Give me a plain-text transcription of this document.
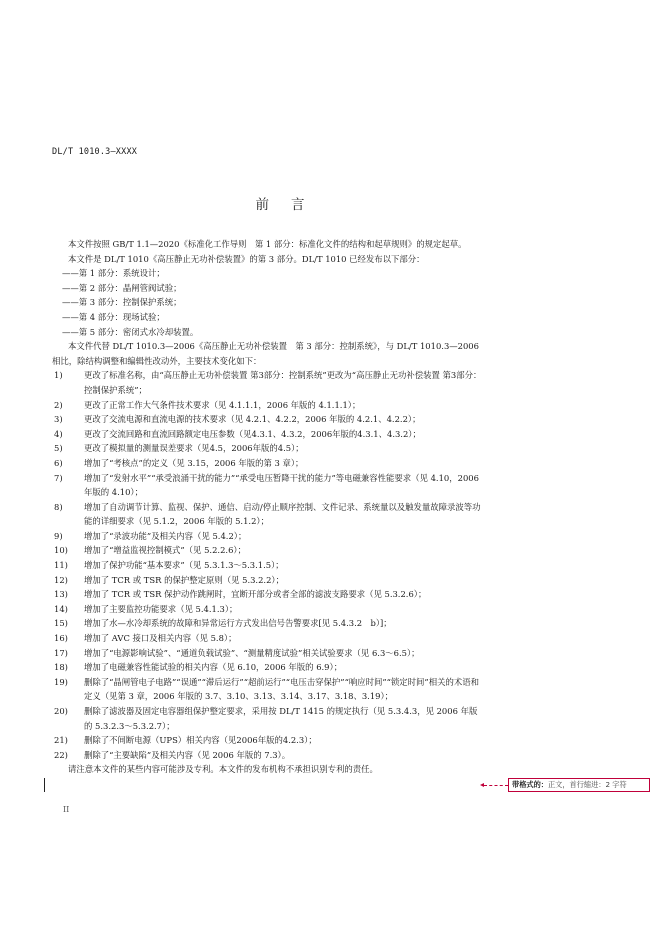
DL/T 1010.3—XXXX
前言

本文件按照 GB/T 1.1—2020《标准化工作导则　第 1 部分：标准化文件的结构和起草规则》的规定起草。

本文件是 DL/T 1010《高压静止无功补偿装置》的第 3 部分。DL/T 1010 已经发布以下部分：

——第 1 部分：系统设计；

——第 2 部分：晶闸管阀试验；

——第 3 部分：控制保护系统；

——第 4 部分：现场试验；

——第 5 部分：密闭式水冷却装置。

本文件代替 DL/T 1010.3—2006《高压静止无功补偿装置　第 3 部分：控制系统》，与 DL/T 1010.3—2006 相比，除结构调整和编辑性改动外，主要技术变化如下：

1)	更改了标准名称，由“高压静止无功补偿装置 第3部分：控制系统”更改为“高压静止无功补偿装置 第3部分：控制保护系统”；
2)	更改了正常工作大气条件技术要求（见 4.1.1.1，2006 年版的 4.1.1.1）；
3)	更改了交流电源和直流电源的技术要求（见 4.2.1、4.2.2，2006 年版的 4.2.1、4.2.2）；
4)	更改了交流回路和直流回路额定电压参数（见4.3.1、4.3.2，2006年版的4.3.1、4.3.2）；
5)	更改了模拟量的测量误差要求（见4.5，2006年版的4.5）；
6)	增加了“考核点”的定义（见 3.15，2006 年版的第 3 章）；
7)	增加了“发射水平”“承受浪涌干扰的能力”“承受电压暂降干扰的能力”等电磁兼容性能要求（见 4.10，2006 年版的 4.10）；
8)	增加了自动调节计算、监视、保护、通信、启动/停止顺序控制、文件记录、系统量以及触发量故障录波等功能的详细要求（见 5.1.2，2006 年版的 5.1.2）；
9)	增加了“录波功能”及相关内容（见 5.4.2）；
10)	增加了“增益监视控制模式”（见 5.2.2.6）；
11)	增加了保护功能“基本要求”（见 5.3.1.3～5.3.1.5）；
12)	增加了 TCR 或 TSR 的保护整定原则（见 5.3.2.2）；
13)	增加了 TCR 或 TSR 保护动作跳闸时，宜断开部分或者全部的滤波支路要求（见 5.3.2.6）；
14)	增加了主要监控功能要求（见 5.4.1.3）；
15)	增加了水—水冷却系统的故障和异常运行方式发出信号告警要求[见 5.4.3.2　b）]；
16)	增加了 AVC 接口及相关内容（见 5.8）；
17)	增加了“电源影响试验”、“通道负载试验”、“测量精度试验”相关试验要求（见 6.3～6.5）；
18)	增加了电磁兼容性能试验的相关内容（见 6.10，2006 年版的 6.9）；
19)	删除了“晶闸管电子电路”“误通”“滞后运行”“超前运行”“电压击穿保护”“响应时间”“锁定时间”相关的术语和定义（见第 3 章，2006 年版的 3.7、3.10、3.13、3.14、3.17、3.18、3.19）；
20)	删除了滤波器及固定电容器组保护整定要求，采用按 DL/T 1415 的规定执行（见 5.3.4.3，见 2006 年版的 5.3.2.3～5.3.2.7）；
21)	删除了不间断电源（UPS）相关内容（见2006年版的4.2.3）；
22)	删除了“主要缺陷”及相关内容（见 2006 年版的 7.3）。

请注意本文件的某些内容可能涉及专利。本文件的发布机构不承担识别专利的责任。

带格式的：正文，首行缩进：2 字符
II
